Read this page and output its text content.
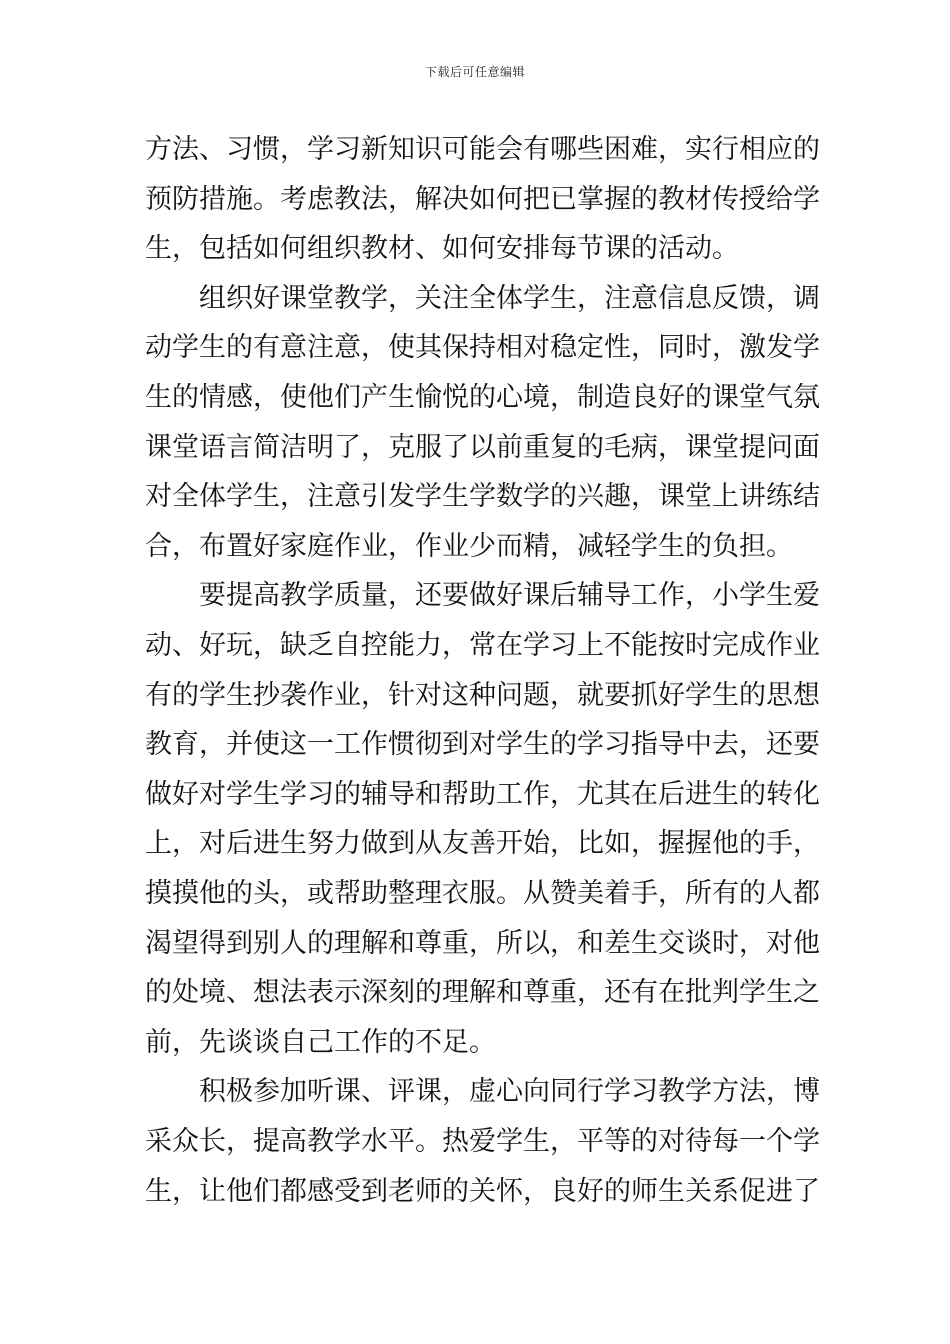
下载后可任意编辑
方法、习惯，学习新知识可能会有哪些困难，实行相应的
预防措施。考虑教法，解决如何把已掌握的教材传授给学
生，包括如何组织教材、如何安排每节课的活动。
组织好课堂教学，关注全体学生，注意信息反馈，调
动学生的有意注意，使其保持相对稳定性，同时，激发学
生的情感，使他们产生愉悦的心境，制造良好的课堂气氛
课堂语言简洁明了，克服了以前重复的毛病，课堂提问面
对全体学生，注意引发学生学数学的兴趣，课堂上讲练结
合，布置好家庭作业，作业少而精，减轻学生的负担。
要提高教学质量，还要做好课后辅导工作，小学生爱
动、好玩，缺乏自控能力，常在学习上不能按时完成作业
有的学生抄袭作业，针对这种问题，就要抓好学生的思想
教育，并使这一工作惯彻到对学生的学习指导中去，还要
做好对学生学习的辅导和帮助工作，尤其在后进生的转化
上，对后进生努力做到从友善开始，比如，握握他的手，
摸摸他的头，或帮助整理衣服。从赞美着手，所有的人都
渴望得到别人的理解和尊重，所以，和差生交谈时，对他
的处境、想法表示深刻的理解和尊重，还有在批判学生之
前，先谈谈自己工作的不足。
积极参加听课、评课，虚心向同行学习教学方法，博
采众长，提高教学水平。热爱学生，平等的对待每一个学
生，让他们都感受到老师的关怀，良好的师生关系促进了
